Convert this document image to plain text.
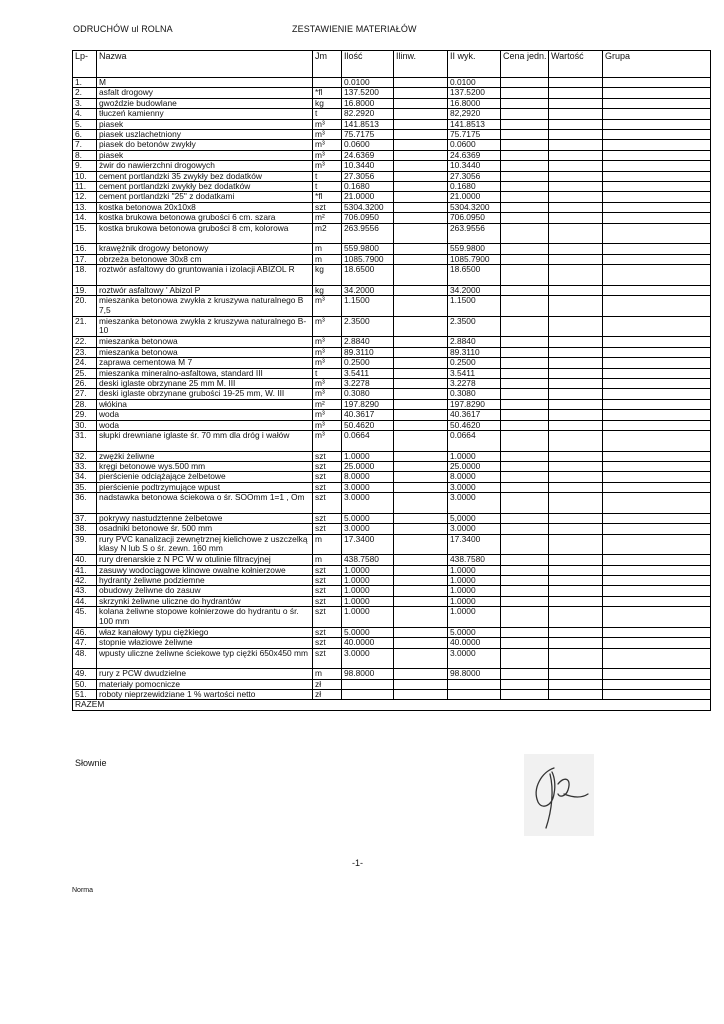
ODRUCHÓW ul ROLNA	ZESTAWIENIE MATERIAŁÓW
Lp-	Nazwa	Jm	Ilość	Ilinw.	II wyk.	Cena jedn.	Wartość	Grupa
1.	M		0.0100		0.0100			
2.	asfalt drogowy	*fl	137.5200		137.5200			
3.	gwoździe budowlane	kg	16.8000		16.8000			
4.	tłuczeń kamienny	t	82.2920		82,2920			
5.	piasek	m³	141.8513		141.8513			
6.	piasek uszlachetniony	m³	75.7175		75.7175			
7.	piasek do betonów zwykły	m³	0.0600		0.0600			
8.	piasek	m³	24.6369		24.6369			
9.	żwir do nawierzchni drogowych	m³	10.3440		10.3440			
10.	cement portlandzki 35 zwykły bez dodatków	t	27.3056		27.3056			
11.	cement portlandzki zwykły bez dodatków	t	0.1680		0.1680			
12.	cement portlandzki "25" z dodatkami	*fl	21.0000		21.0000			
13.	kostka betonowa 20x10x8	szt	5304.3200		5304.3200			
14.	kostka brukowa betonowa grubości 6 cm. szara	m²	706.0950		706.0950			
15.	kostka brukowa betonowa grubości 8 cm, kolorowa	m2	263.9556		263.9556			
16.	krawężnik drogowy betonowy	m	559.9800		559.9800			
17.	obrzeża betonowe 30x8 cm	m	1085.7900		1085.7900			
18.	roztwór asfaltowy do gruntowania i izolacji ABIZOL R	kg	18.6500		18.6500			
19.	roztwór asfaltowy ' Abizol P	kg	34.2000		34.2000			
20.	mieszanka betonowa zwykła z kruszywa naturalnego B 7,5	m³	1.1500		1.1500			
21.	mieszanka betonowa zwykła z kruszywa naturalnego B-10	m³	2.3500		2.3500			
22.	mieszanka betonowa	m³	2.8840		2.8840			
23.	mieszanka betonowa	m³	89.3110		89.3110			
24.	zaprawa cementowa M 7	m³	0.2500		0.2500			
25.	mieszanka mineralno-asfaltowa, standard III	t	3.5411		3.5411			
26.	deski iglaste obrzynane 25 mm M. III	m³	3.2278		3.2278			
27.	deski iglaste obrzynane grubości 19-25 mm, W. III	m³	0.3080		0.3080			
28.	włókina	m²	197.8290		197.8290			
29.	woda	m³	40.3617		40.3617			
30.	woda	m³	50.4620		50.4620			
31.	słupki drewniane iglaste śr. 70 mm dla dróg i wałów	m³	0.0664		0.0664			
32.	zwężki żeliwne	szt	1.0000		1.0000			
33.	kręgi betonowe wys.500 mm	szt	25.0000		25.0000			
34.	pierścienie odciążające żelbetowe	szt	8.0000		8.0000			
35.	pierścienie podtrzymujące wpust	szt	3.0000		3.0000			
36.	nadstawka betonowa ściekowa o śr. SOOmm 1=1 , Om	szt	3.0000		3.0000			
37.	pokrywy nastudztenne żelbetowe	szt	5.0000		5,0000			
38.	osadniki betonowe śr. 500 mm	szt	3.0000		3.0000			
39.	rury PVC kanalizacji zewnętrznej kielichowe z uszczelką klasy N lub S o śr. zewn. 160 mm	m	17.3400		17.3400			
40.	rury drenarskie z N PC W w otulinie filtracyjnej	m	438.7580		438.7580			
41.	zasuwy wodociągowe klinowe owalne kołnierzowe	szt	1.0000		1.0000			
42.	hydranty żeliwne podziemne	szt	1.0000		1.0000			
43.	obudowy żeliwne do zasuw	szt	1.0000		1.0000			
44.	skrzynki żeliwne uliczne do hydrantów	szt	1.0000		1.0000			
45.	kolana żeliwne stopowe kołnierzowe do hydrantu o śr. 100 mm	szt	1.0000		1.0000			
46.	właz kanałowy typu ciężkiego	szt	5.0000		5.0000			
47.	stopnie właziowe żeliwne	szt	40.0000		40.0000			
48.	wpusty uliczne żeliwne ściekowe typ ciężki 650x450 mm	szt	3.0000		3.0000			
49.	rury z PCW dwudzielne	m	98.8000		98.8000			
50.	materiały pomocnicze	zł						
51.	roboty nieprzewidziane 1 % wartości netto	zł						
RAZEM								
Słownie
-1-
Norma
